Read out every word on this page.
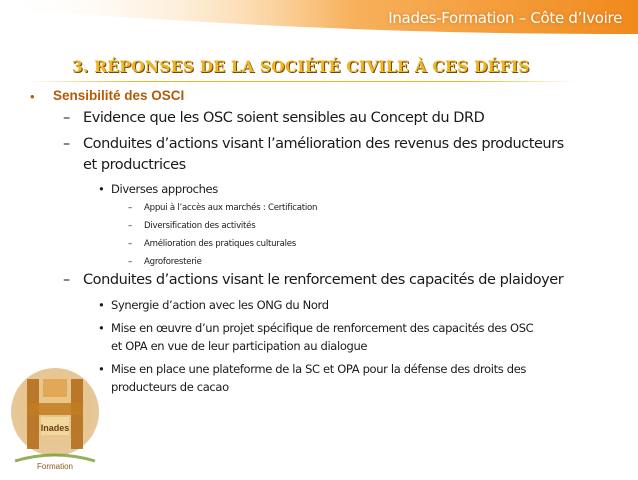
Inades-Formation – Côte d’Ivoire
3. RÉPONSES DE LA SOCIÉTÉ CIVILE À CES DÉFIS
• Sensibilité des OSCI
– Evidence que les OSC soient sensibles au Concept du DRD
– Conduites d’actions visant l’amélioration des revenus des producteurs
et productrices
• Diverses approches
– Appui à l’accès aux marchés : Certification
– Diversification des activités
– Amélioration des pratiques culturales
– Agroforesterie
– Conduites d’actions visant le renforcement des capacités de plaidoyer
• Synergie d’action avec les ONG du Nord
• Mise en œuvre d’un projet spécifique de renforcement des capacités des OSC
et OPA en vue de leur participation au dialogue
• Mise en place une plateforme de la SC et OPA pour la défense des droits des
producteurs de cacao
Inades
Formation
